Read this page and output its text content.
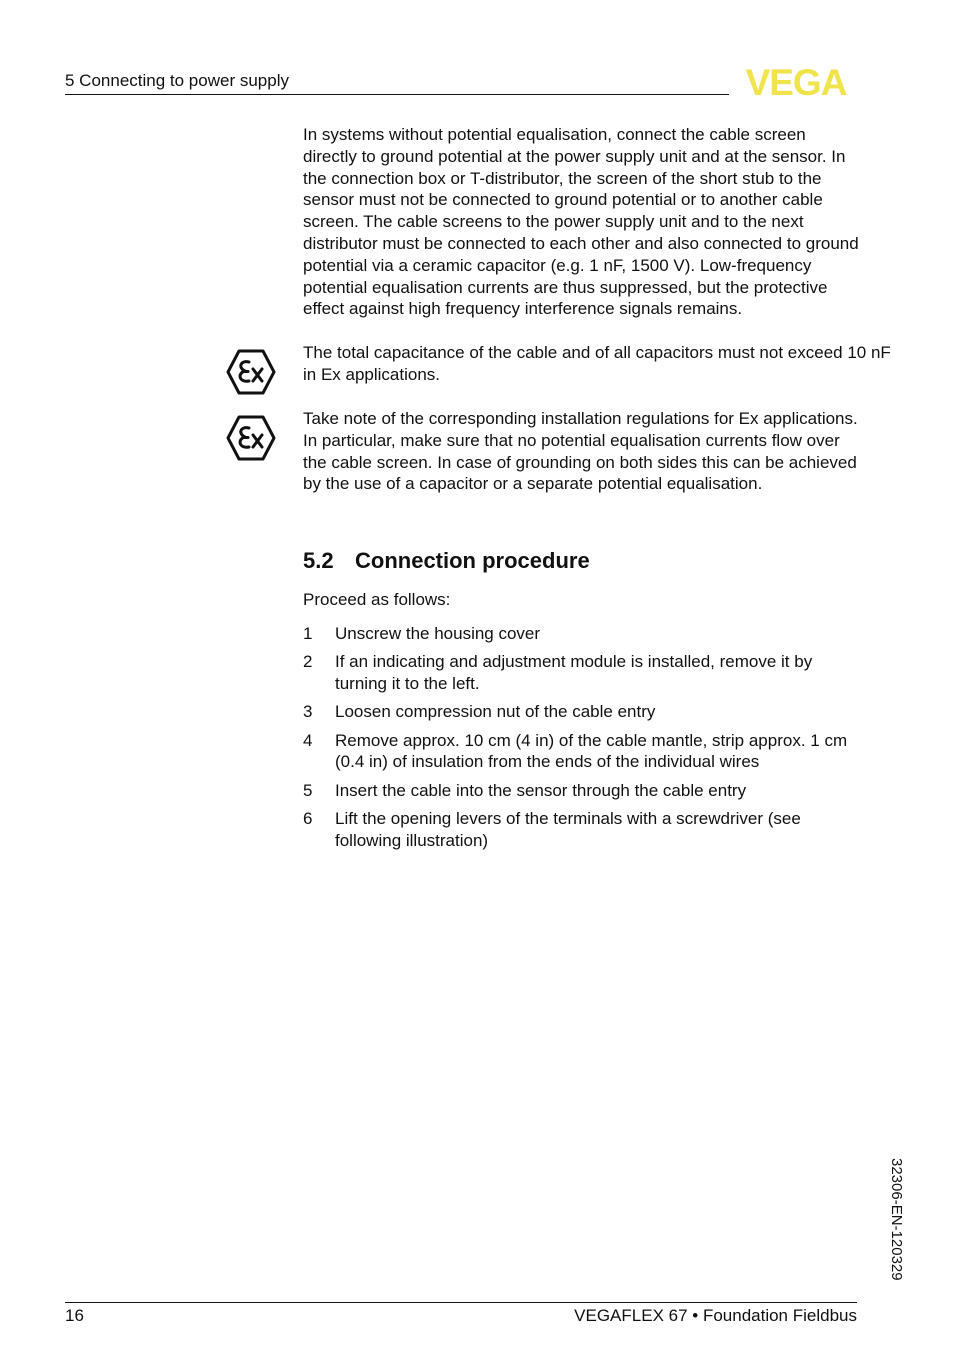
5 Connecting to power supply	VEGA

In systems without potential equalisation, connect the cable screen directly to ground potential at the power supply unit and at the sensor. In the connection box or T-distributor, the screen of the short stub to the sensor must not be connected to ground potential or to another cable screen. The cable screens to the power supply unit and to the next distributor must be connected to each other and also connected to ground potential via a ceramic capacitor (e.g. 1 nF, 1500 V). Low-frequency potential equalisation currents are thus suppressed, but the protective effect against high frequency interference signals remains.

The total capacitance of the cable and of all capacitors must not exceed 10 nF in Ex applications.

Take note of the corresponding installation regulations for Ex applications. In particular, make sure that no potential equalisation currents flow over the cable screen. In case of grounding on both sides this can be achieved by the use of a capacitor or a separate potential equalisation.

5.2 Connection procedure

Proceed as follows:

1	Unscrew the housing cover
2	If an indicating and adjustment module is installed, remove it by turning it to the left.
3	Loosen compression nut of the cable entry
4	Remove approx. 10 cm (4 in) of the cable mantle, strip approx. 1 cm (0.4 in) of insulation from the ends of the individual wires
5	Insert the cable into the sensor through the cable entry
6	Lift the opening levers of the terminals with a screwdriver (see following illustration)
32306-EN-120329
16	VEGAFLEX 67 • Foundation Fieldbus
